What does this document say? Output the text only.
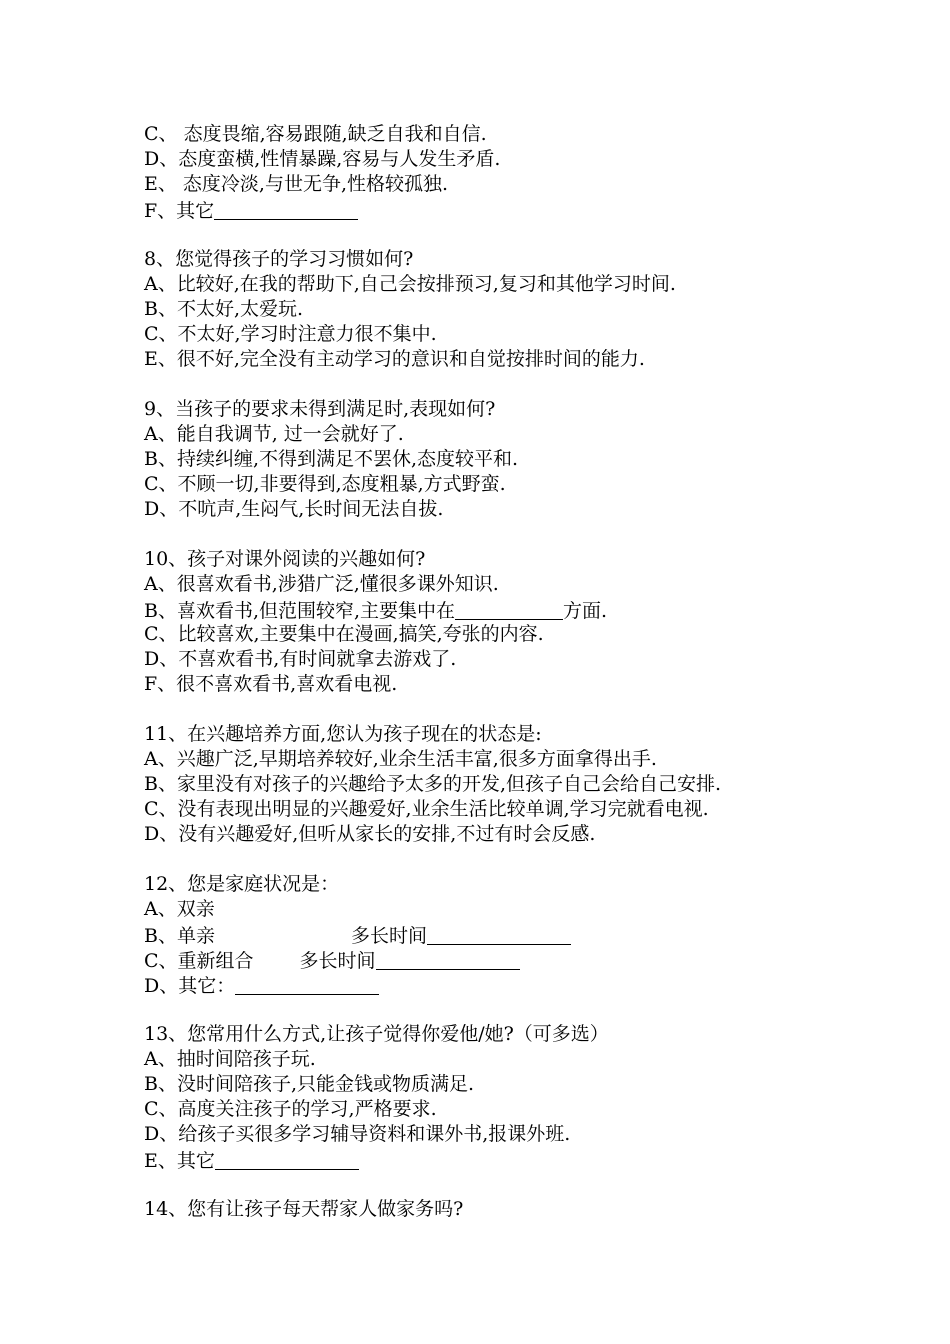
C、 态度畏缩,容易跟随,缺乏自我和自信.
D、态度蛮横,性情暴躁,容易与人发生矛盾.
E、 态度冷淡,与世无争,性格较孤独.
F、其它
8、您觉得孩子的学习习惯如何?
A、比较好,在我的帮助下,自己会按排预习,复习和其他学习时间.
B、不太好,太爱玩.
C、不太好,学习时注意力很不集中.
E、很不好,完全没有主动学习的意识和自觉按排时间的能力.
9、当孩子的要求未得到满足时,表现如何?
A、能自我调节, 过一会就好了.
B、持续纠缠,不得到满足不罢休,态度较平和.
C、不顾一切,非要得到,态度粗暴,方式野蛮.
D、不吭声,生闷气,长时间无法自拔.
10、孩子对课外阅读的兴趣如何?
A、很喜欢看书,涉猎广泛,懂很多课外知识.
B、喜欢看书,但范围较窄,主要集中在	方面.
C、比较喜欢,主要集中在漫画,搞笑,夸张的内容.
D、不喜欢看书,有时间就拿去游戏了.
F、很不喜欢看书,喜欢看电视.
11、在兴趣培养方面,您认为孩子现在的状态是:
A、兴趣广泛,早期培养较好,业余生活丰富,很多方面拿得出手.
B、家里没有对孩子的兴趣给予太多的开发,但孩子自己会给自己安排.
C、没有表现出明显的兴趣爱好,业余生活比较单调,学习完就看电视.
D、没有兴趣爱好,但听从家长的安排,不过有时会反感.
12、您是家庭状况是：
A、双亲
B、单亲	多长时间
C、重新组合 多长时间
D、其它：
13、您常用什么方式,让孩子觉得你爱他/她?（可多选）
A、抽时间陪孩子玩.
B、没时间陪孩子,只能金钱或物质满足.
C、高度关注孩子的学习,严格要求.
D、给孩子买很多学习辅导资料和课外书,报课外班.
E、其它
14、您有让孩子每天帮家人做家务吗?
